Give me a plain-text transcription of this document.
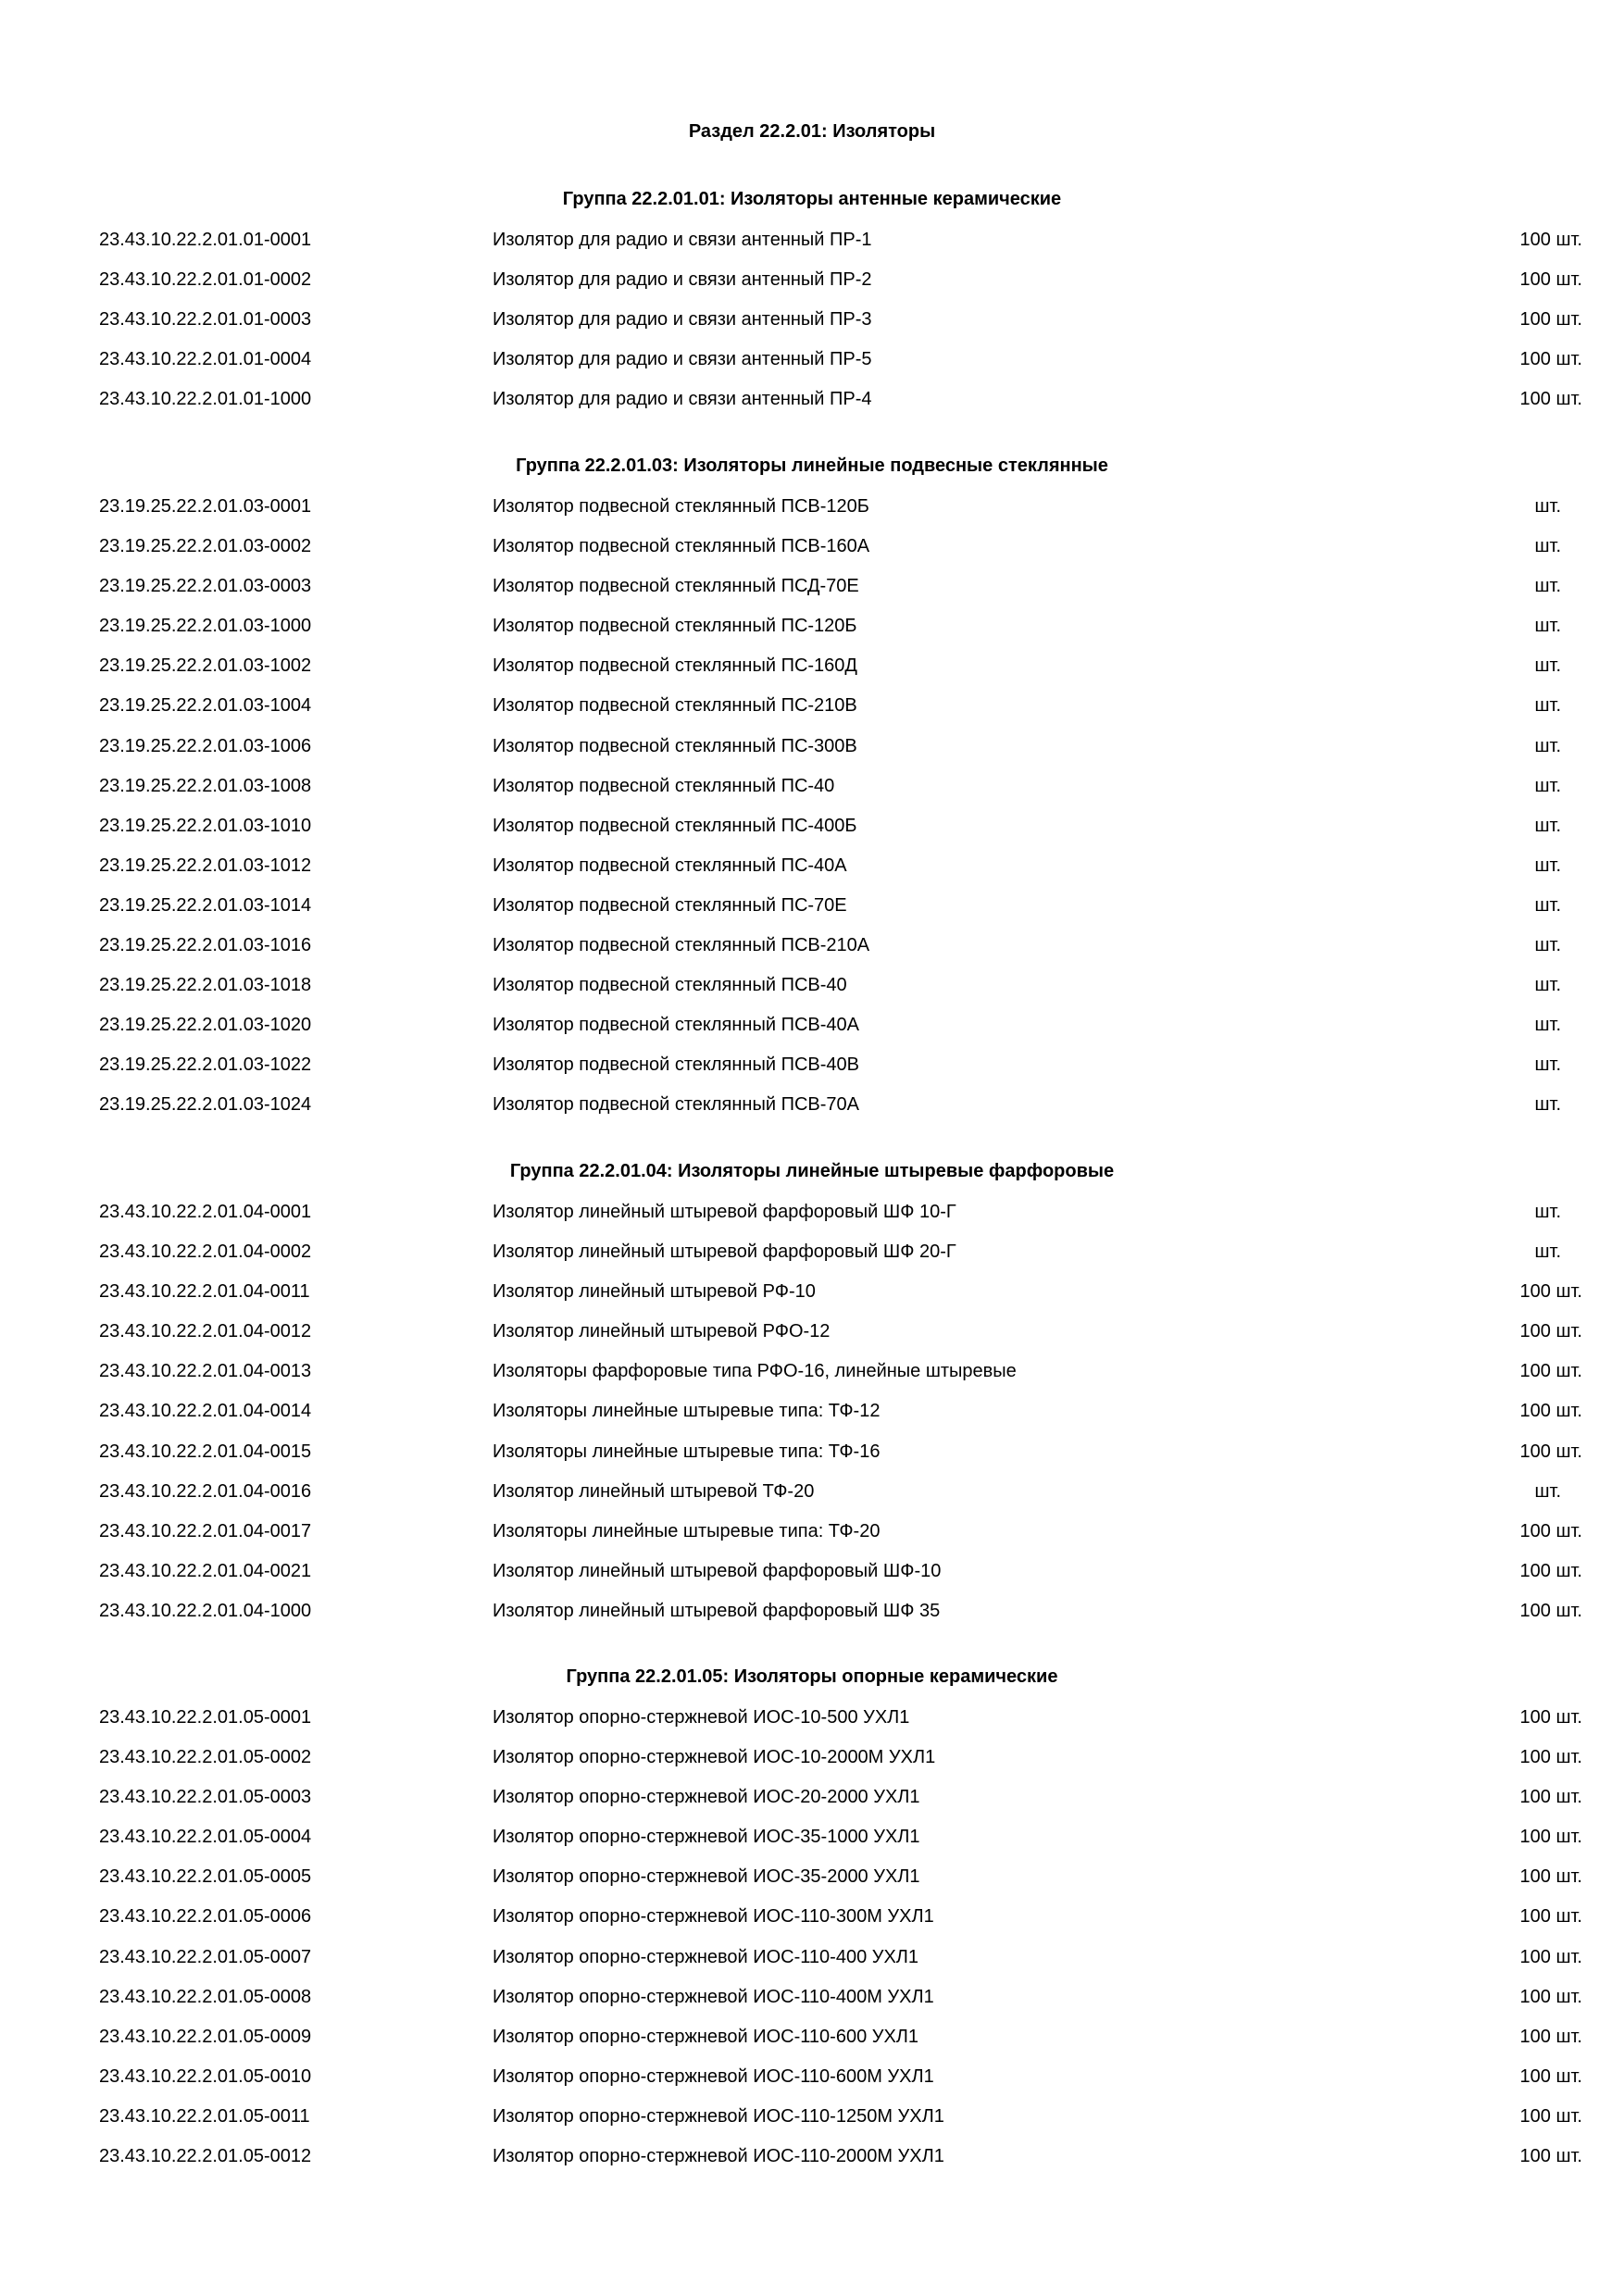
Раздел 22.2.01: Изоляторы
Группа 22.2.01.01: Изоляторы антенные керамические
23.43.10.22.2.01.01-0001	Изолятор для радио и связи антенный ПР-1	100 шт.
23.43.10.22.2.01.01-0002	Изолятор для радио и связи антенный ПР-2	100 шт.
23.43.10.22.2.01.01-0003	Изолятор для радио и связи антенный ПР-3	100 шт.
23.43.10.22.2.01.01-0004	Изолятор для радио и связи антенный ПР-5	100 шт.
23.43.10.22.2.01.01-1000	Изолятор для радио и связи антенный ПР-4	100 шт.
Группа 22.2.01.03: Изоляторы линейные подвесные стеклянные
23.19.25.22.2.01.03-0001	Изолятор подвесной стеклянный ПСВ-120Б	шт.
23.19.25.22.2.01.03-0002	Изолятор подвесной стеклянный ПСВ-160А	шт.
23.19.25.22.2.01.03-0003	Изолятор подвесной стеклянный ПСД-70Е	шт.
23.19.25.22.2.01.03-1000	Изолятор подвесной стеклянный ПС-120Б	шт.
23.19.25.22.2.01.03-1002	Изолятор подвесной стеклянный ПС-160Д	шт.
23.19.25.22.2.01.03-1004	Изолятор подвесной стеклянный ПС-210В	шт.
23.19.25.22.2.01.03-1006	Изолятор подвесной стеклянный ПС-300В	шт.
23.19.25.22.2.01.03-1008	Изолятор подвесной стеклянный ПС-40	шт.
23.19.25.22.2.01.03-1010	Изолятор подвесной стеклянный ПС-400Б	шт.
23.19.25.22.2.01.03-1012	Изолятор подвесной стеклянный ПС-40А	шт.
23.19.25.22.2.01.03-1014	Изолятор подвесной стеклянный ПС-70Е	шт.
23.19.25.22.2.01.03-1016	Изолятор подвесной стеклянный ПСВ-210А	шт.
23.19.25.22.2.01.03-1018	Изолятор подвесной стеклянный ПСВ-40	шт.
23.19.25.22.2.01.03-1020	Изолятор подвесной стеклянный ПСВ-40А	шт.
23.19.25.22.2.01.03-1022	Изолятор подвесной стеклянный ПСВ-40В	шт.
23.19.25.22.2.01.03-1024	Изолятор подвесной стеклянный ПСВ-70А	шт.
Группа 22.2.01.04: Изоляторы линейные штыревые фарфоровые
23.43.10.22.2.01.04-0001	Изолятор линейный штыревой фарфоровый ШФ 10-Г	шт.
23.43.10.22.2.01.04-0002	Изолятор линейный штыревой фарфоровый ШФ 20-Г	шт.
23.43.10.22.2.01.04-0011	Изолятор линейный штыревой РФ-10	100 шт.
23.43.10.22.2.01.04-0012	Изолятор линейный штыревой РФО-12	100 шт.
23.43.10.22.2.01.04-0013	Изоляторы фарфоровые типа РФО-16, линейные штыревые	100 шт.
23.43.10.22.2.01.04-0014	Изоляторы линейные штыревые типа: ТФ-12	100 шт.
23.43.10.22.2.01.04-0015	Изоляторы линейные штыревые типа: ТФ-16	100 шт.
23.43.10.22.2.01.04-0016	Изолятор линейный штыревой ТФ-20	шт.
23.43.10.22.2.01.04-0017	Изоляторы линейные штыревые типа: ТФ-20	100 шт.
23.43.10.22.2.01.04-0021	Изолятор линейный штыревой фарфоровый ШФ-10	100 шт.
23.43.10.22.2.01.04-1000	Изолятор линейный штыревой фарфоровый ШФ 35	100 шт.
Группа 22.2.01.05: Изоляторы опорные керамические
23.43.10.22.2.01.05-0001	Изолятор опорно-стержневой ИОС-10-500 УХЛ1	100 шт.
23.43.10.22.2.01.05-0002	Изолятор опорно-стержневой ИОС-10-2000М УХЛ1	100 шт.
23.43.10.22.2.01.05-0003	Изолятор опорно-стержневой ИОС-20-2000 УХЛ1	100 шт.
23.43.10.22.2.01.05-0004	Изолятор опорно-стержневой ИОС-35-1000 УХЛ1	100 шт.
23.43.10.22.2.01.05-0005	Изолятор опорно-стержневой ИОС-35-2000 УХЛ1	100 шт.
23.43.10.22.2.01.05-0006	Изолятор опорно-стержневой ИОС-110-300М УХЛ1	100 шт.
23.43.10.22.2.01.05-0007	Изолятор опорно-стержневой ИОС-110-400 УХЛ1	100 шт.
23.43.10.22.2.01.05-0008	Изолятор опорно-стержневой ИОС-110-400М УХЛ1	100 шт.
23.43.10.22.2.01.05-0009	Изолятор опорно-стержневой ИОС-110-600 УХЛ1	100 шт.
23.43.10.22.2.01.05-0010	Изолятор опорно-стержневой ИОС-110-600М УХЛ1	100 шт.
23.43.10.22.2.01.05-0011	Изолятор опорно-стержневой ИОС-110-1250М УХЛ1	100 шт.
23.43.10.22.2.01.05-0012	Изолятор опорно-стержневой ИОС-110-2000М УХЛ1	100 шт.
